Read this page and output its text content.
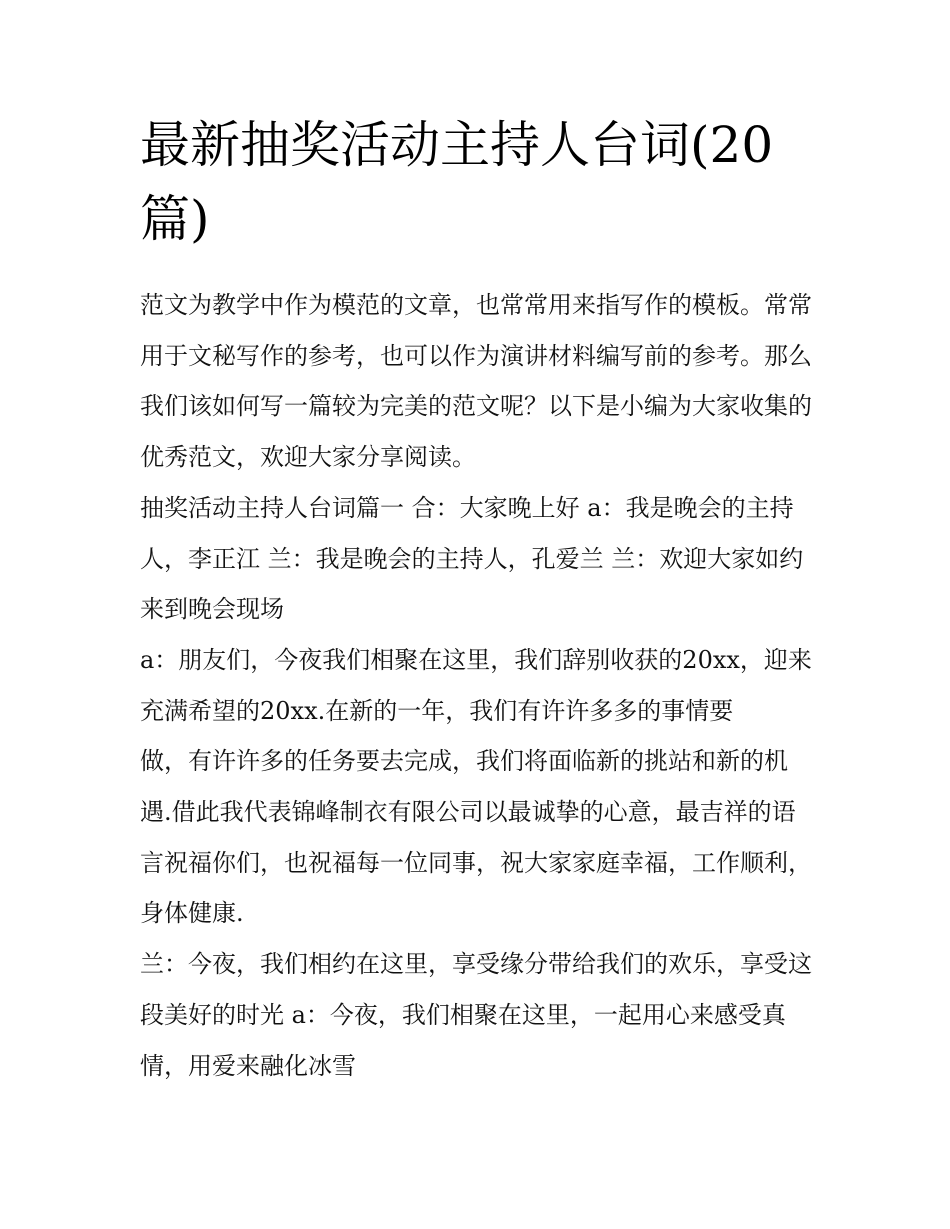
最新抽奖活动主持人台词(20篇)

范文为教学中作为模范的文章，也常常用来指写作的模板。常常用于文秘写作的参考，也可以作为演讲材料编写前的参考。那么我们该如何写一篇较为完美的范文呢？以下是小编为大家收集的优秀范文，欢迎大家分享阅读。

抽奖活动主持人台词篇一 合：大家晚上好 a：我是晚会的主持人，李正江 兰：我是晚会的主持人，孔爱兰 兰：欢迎大家如约来到晚会现场

a：朋友们，今夜我们相聚在这里，我们辞别收获的20xx，迎来充满希望的20xx.在新的一年，我们有许许多多的事情要
做，有许许多的任务要去完成，我们将面临新的挑站和新的机遇.借此我代表锦峰制衣有限公司以最诚挚的心意，最吉祥的语言祝福你们，也祝福每一位同事，祝大家家庭幸福，工作顺利，身体健康.

兰：今夜，我们相约在这里，享受缘分带给我们的欢乐，享受这段美好的时光 a：今夜，我们相聚在这里，一起用心来感受真情，用爱来融化冰雪
